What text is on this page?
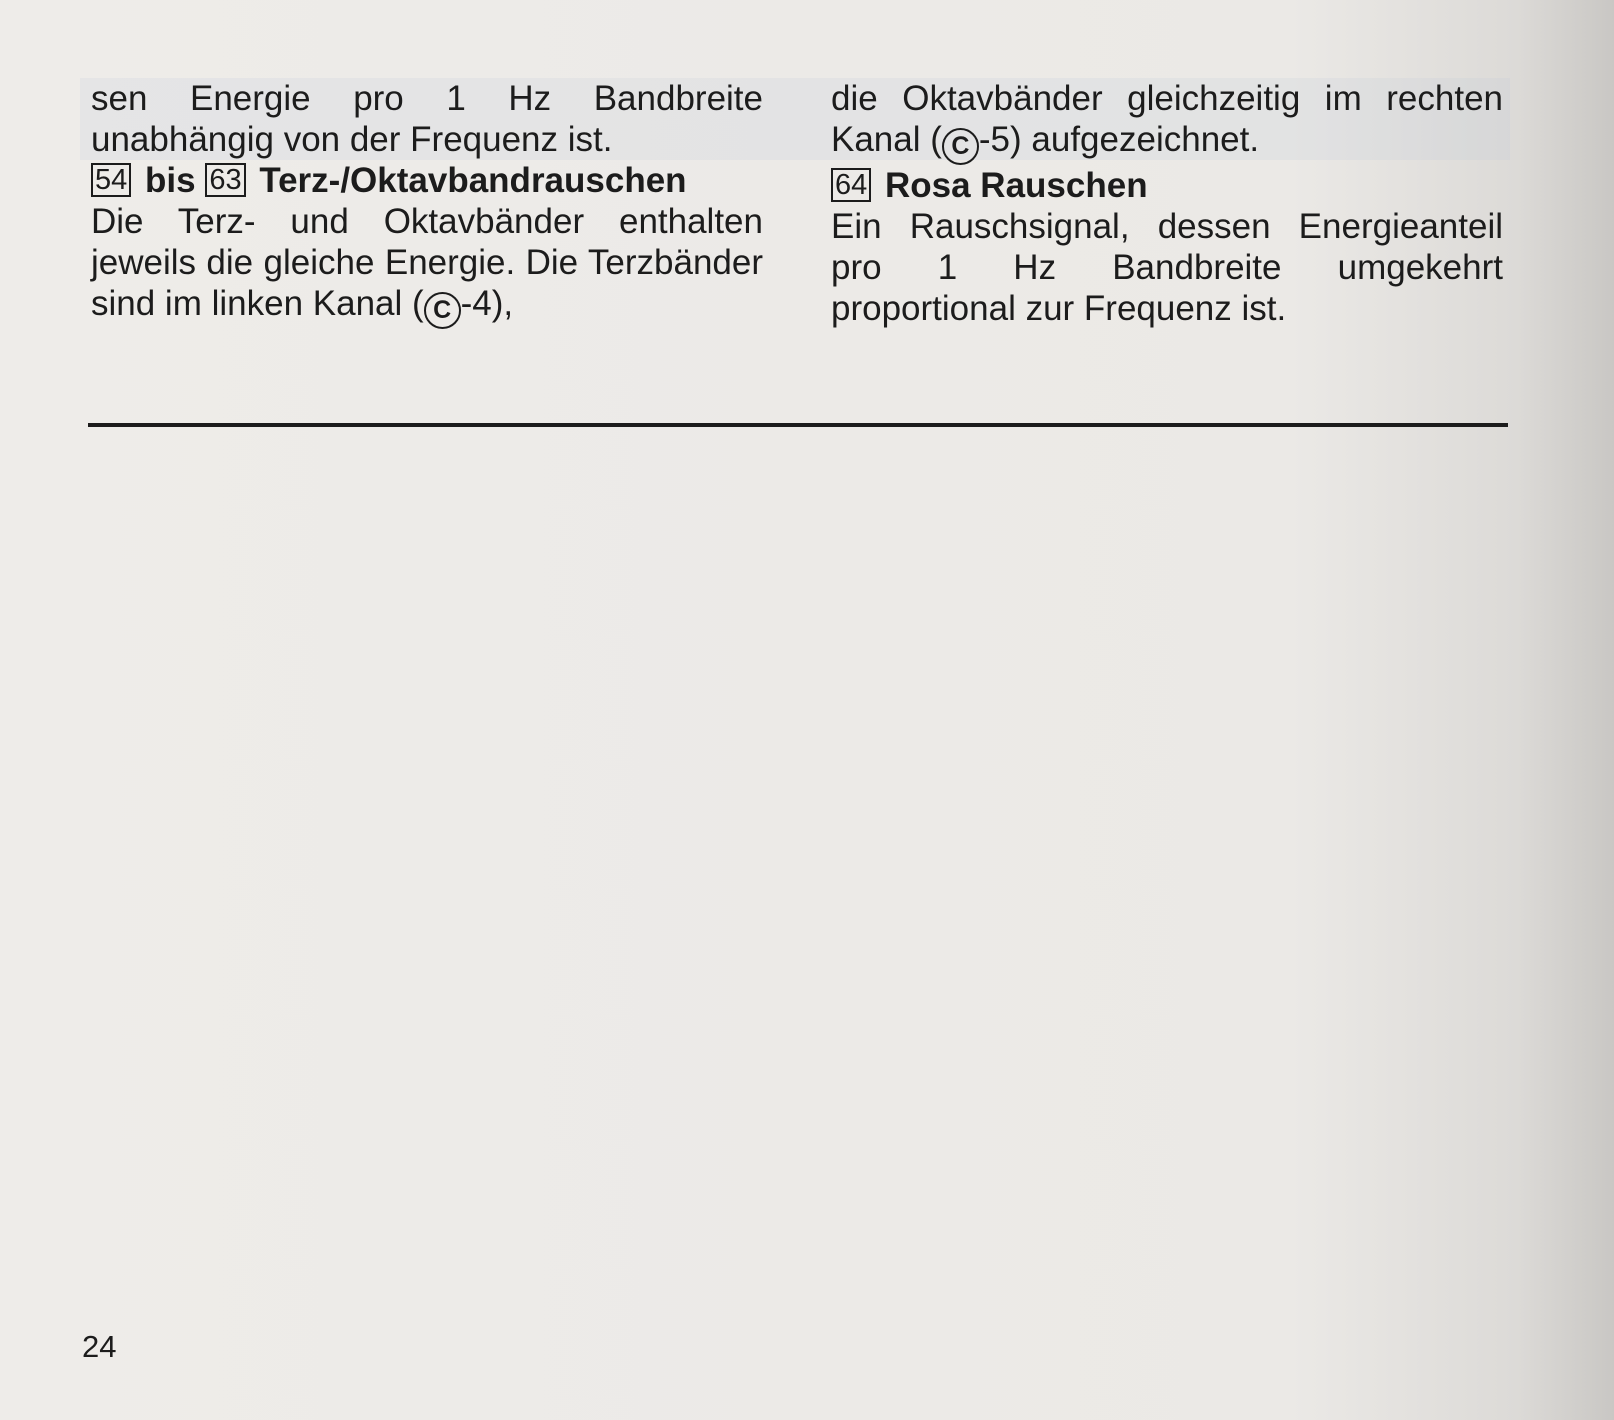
sen Energie pro 1 Hz Bandbreite unabhängig von der Frequenz ist.

54 bis 63 Terz-/Oktavbandrauschen

Die Terz- und Oktavbänder enthalten jeweils die gleiche Energie. Die Terzbänder sind im linken Kanal ( C -4),

die Oktavbänder gleichzeitig im rechten Kanal ( C -5) aufgezeichnet.

64 Rosa Rauschen

Ein Rauschsignal, dessen Energieanteil pro 1 Hz Bandbreite umgekehrt proportional zur Frequenz ist.

24
